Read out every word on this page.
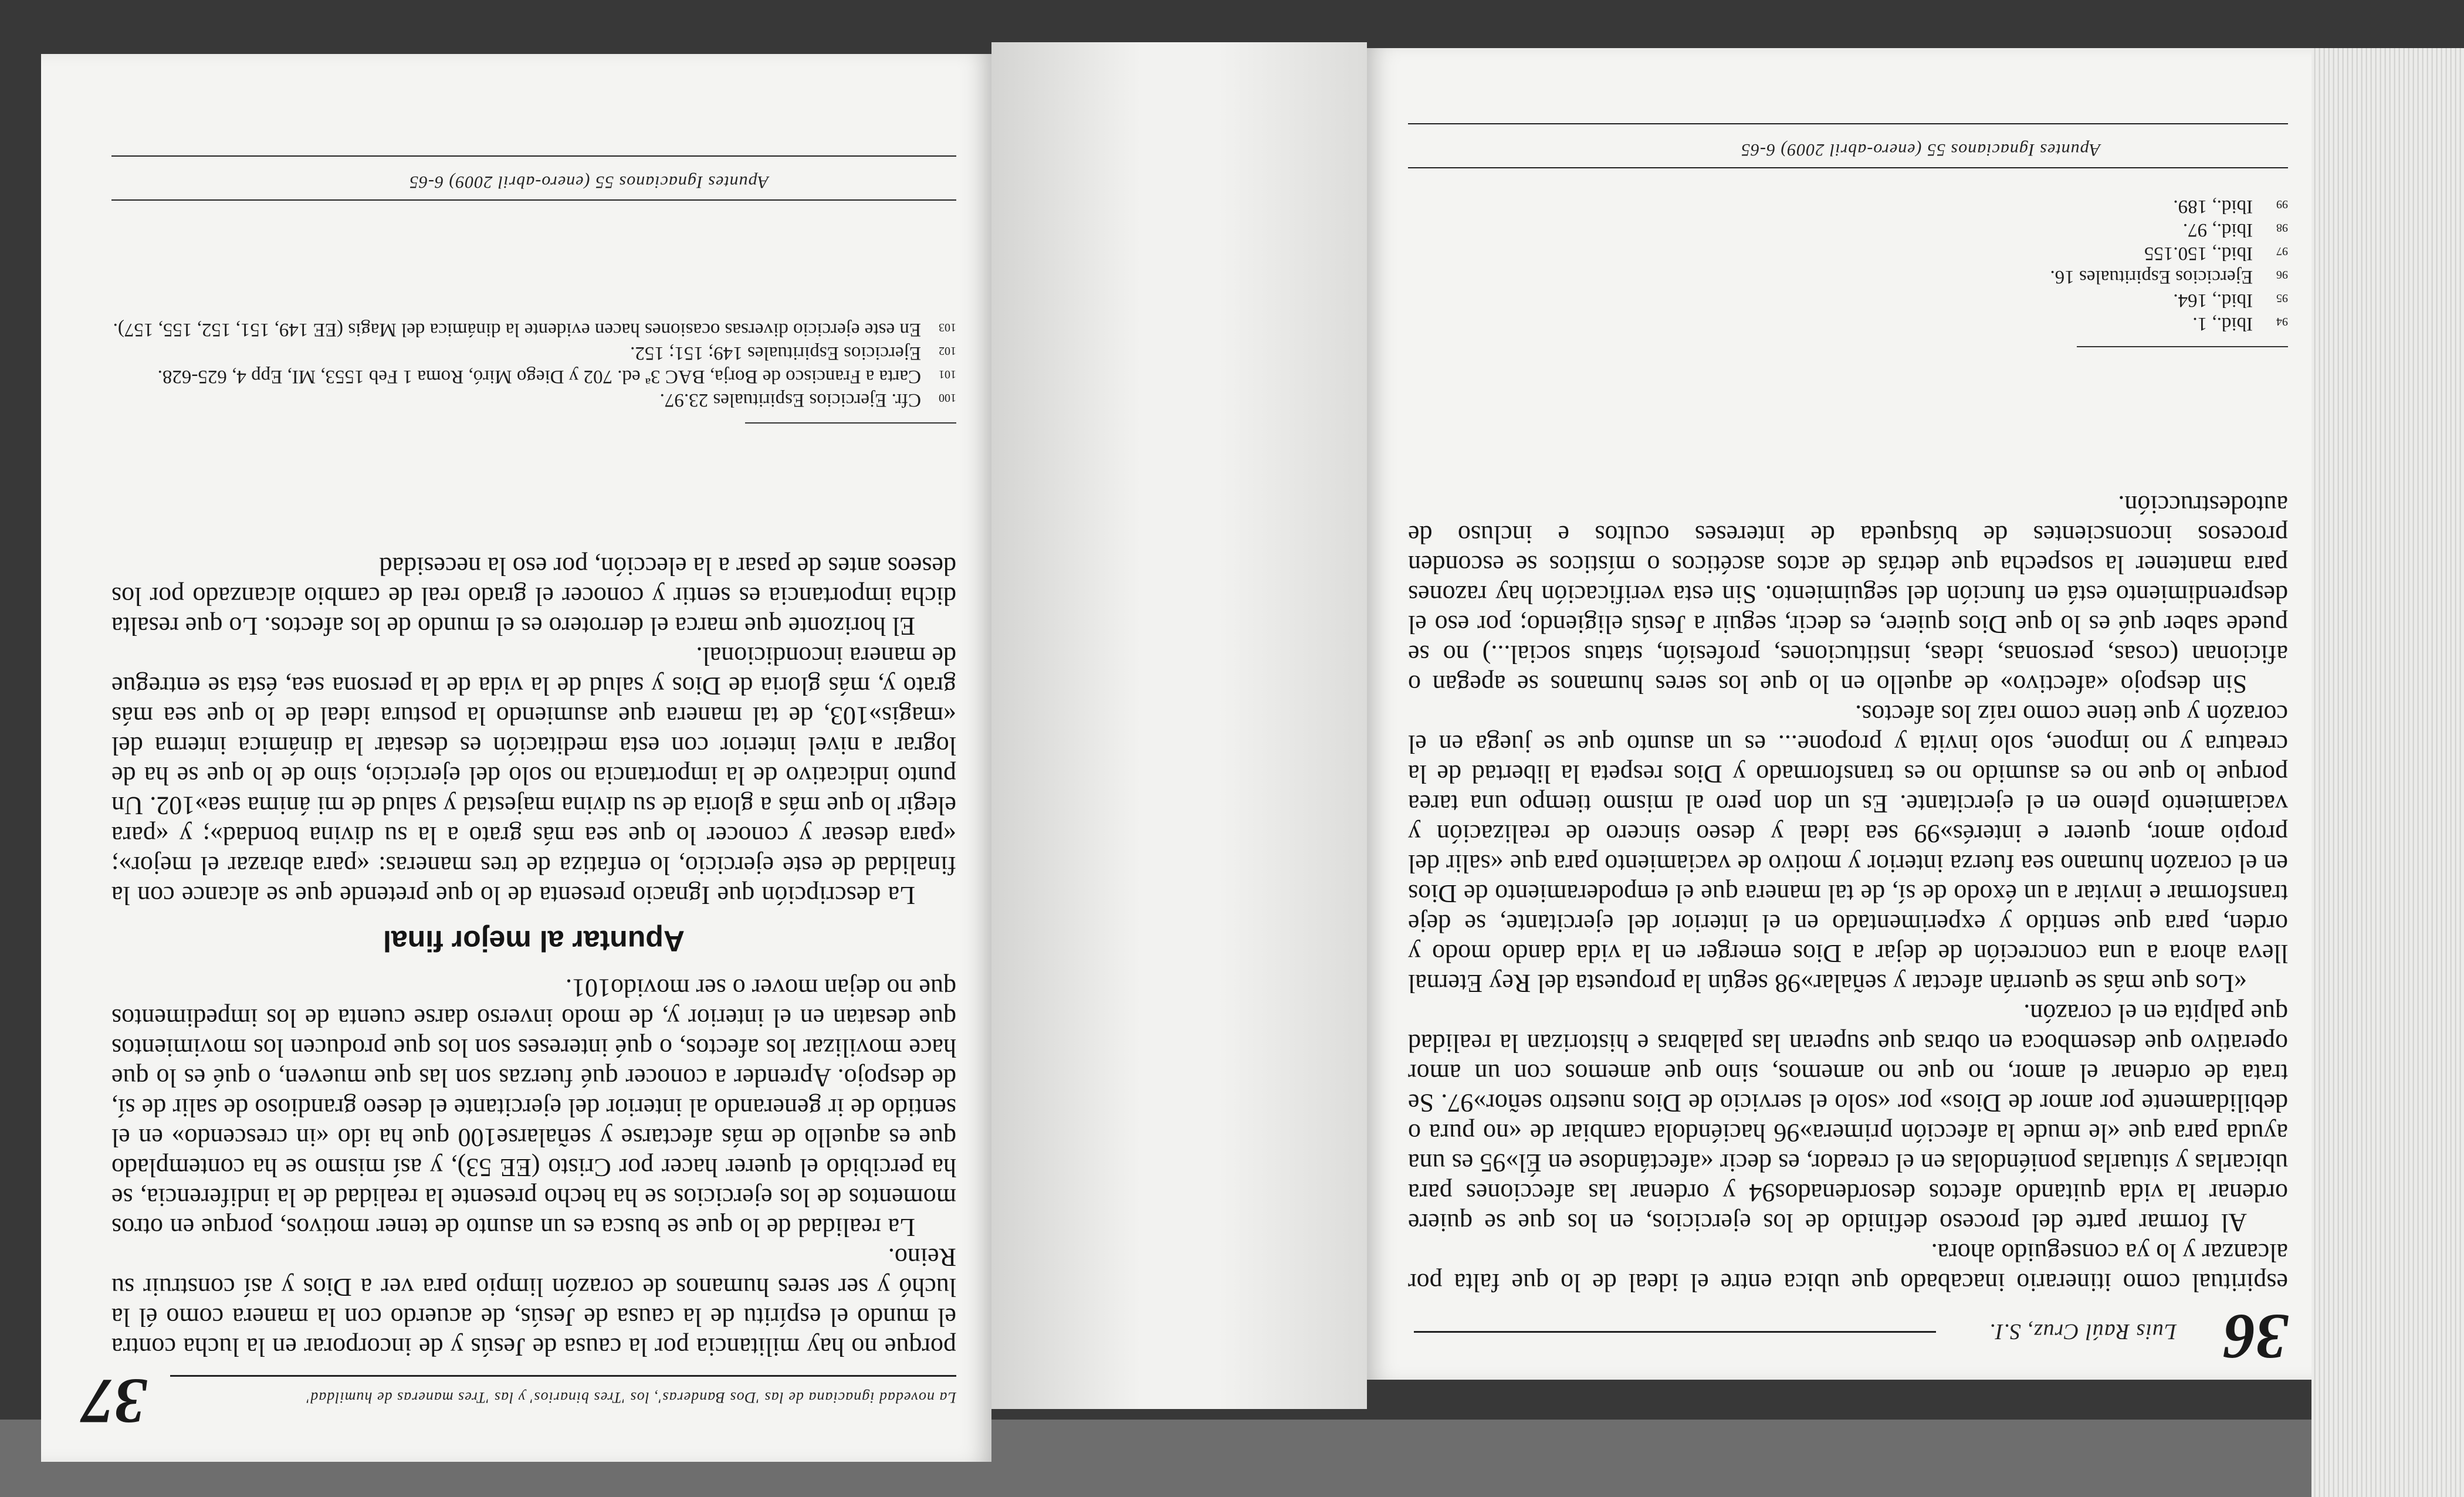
36
Luis Raúl Cruz, S.I.

espiritual como itinerario inacabado que ubica entre el ideal de lo que falta por alcanzar y lo ya conseguido ahora.

Al formar parte del proceso definido de los ejercicios, en los que se quiere ordenar la vida quitando afectos desordenados94 y ordenar las afecciones para ubicarlas y situarlas poniéndolas en el creador, es decir «afectándose en Él»95 es una ayuda para que «le mude la afección primera»96 haciéndola cambiar de «no pura o debilidamente por amor de Dios» por «solo el servicio de Dios nuestro señor»97. Se trata de ordenar el amor, no que no amemos, sino que amemos con un amor operativo que desemboca en obras que superan las palabras e historizan la realidad que palpita en el corazón.

«Los que más se querrán afectar y señalar»98 según la propuesta del Rey Eternal lleva ahora a una concreción de dejar a Dios emerger en la vida dando modo y orden, para que sentido y experimentado en el interior del ejercitante, se deje transformar e invitar a un éxodo de sí, de tal manera que el empoderamiento de Dios en el corazón humano sea fuerza interior y motivo de vaciamiento para que «salir del propio amor, querer e interés»99 sea ideal y deseo sincero de realización y vaciamiento pleno en el ejercitante. Es un don pero al mismo tiempo una tarea porque lo que no es asumido no es transformado y Dios respeta la libertad de la creatura y no impone, solo invita y propone... es un asunto que se juega en el corazón y que tiene como raíz los afectos.

Sin despojo «afectivo» de aquello en lo que los seres humanos se apegan o aficionan (cosas, personas, ideas, instituciones, profesión, status social...) no se puede saber qué es lo que Dios quiere, es decir, seguir a Jesús eligiendo; por eso el desprendimiento está en función del seguimiento. Sin esta verificación hay razones para mantener la sospecha que detrás de actos ascéticos o místicos se esconden procesos inconscientes de búsqueda de intereses ocultos e incluso de autodestrucción.

94
Ibid., 1.
95
Ibid., 164.
96
Ejercicios Espirituales 16.
97
Ibid., 150.155
98
Ibid., 97.
99
Ibid., 189.
Apuntes Ignacianos 55 (enero-abril 2009) 6-65
La novedad ignaciana de las 'Dos Banderas', los 'Tres binarios' y las 'Tres maneras de humildad'
37

porque no hay militancia por la causa de Jesús y de incorporar en la lucha contra el mundo el espíritu de la causa de Jesús, de acuerdo con la manera como él la luchó y ser seres humanos de corazón limpio para ver a Dios y así construir su Reino.

La realidad de lo que se busca es un asunto de tener motivos, porque en otros momentos de los ejercicios se ha hecho presente la realidad de la indiferencia, se ha percibido el querer hacer por Cristo (EE 53), y así mismo se ha contemplado que es aquello de más afectarse y señalarse100 que ha ido «in crescendo» en el sentido de ir generando al interior del ejercitante el deseo grandioso de salir de sí, de despojo. Aprender a conocer qué fuerzas son las que mueven, o qué es lo que hace movilizar los afectos, o qué intereses son los que producen los movimientos que desatan en el interior y, de modo inverso darse cuenta de los impedimentos que no dejan mover o ser movido101.

Apuntar al mejor final

La descripción que Ignacio presenta de lo que pretende que se alcance con la finalidad de este ejercicio, lo enfatiza de tres maneras: «para abrazar el mejor»; «para desear y conocer lo que sea más grato a la su divina bondad»; y «para elegir lo que más a gloria de su divina majestad y salud de mi ánima sea»102. Un punto indicativo de la importancia no solo del ejercicio, sino de lo que se ha de lograr a nivel interior con esta meditación es desatar la dinámica interna del «magis»103, de tal manera que asumiendo la postura ideal de lo que sea más grato y, más gloria de Dios y salud de la vida de la persona sea, ésta se entregue de manera incondicional.

El horizonte que marca el derrotero es el mundo de los afectos. Lo que resalta dicha importancia es sentir y conocer el grado real de cambio alcanzado por los deseos antes de pasar a la elección, por eso la necesidad

100
Cfr. Ejercicios Espirituales 23.97.
101
Carta a Francisco de Borja, BAC 3ª ed. 702 y Diego Miró, Roma 1 Feb 1553, MI, Epp 4, 625-628.
102
Ejercicios Espirituales 149; 151; 152.
103
En este ejercicio diversas ocasiones hacen evidente la dinámica del Magis (EE 149, 151, 152, 155, 157).
Apuntes Ignacianos 55 (enero-abril 2009) 6-65
